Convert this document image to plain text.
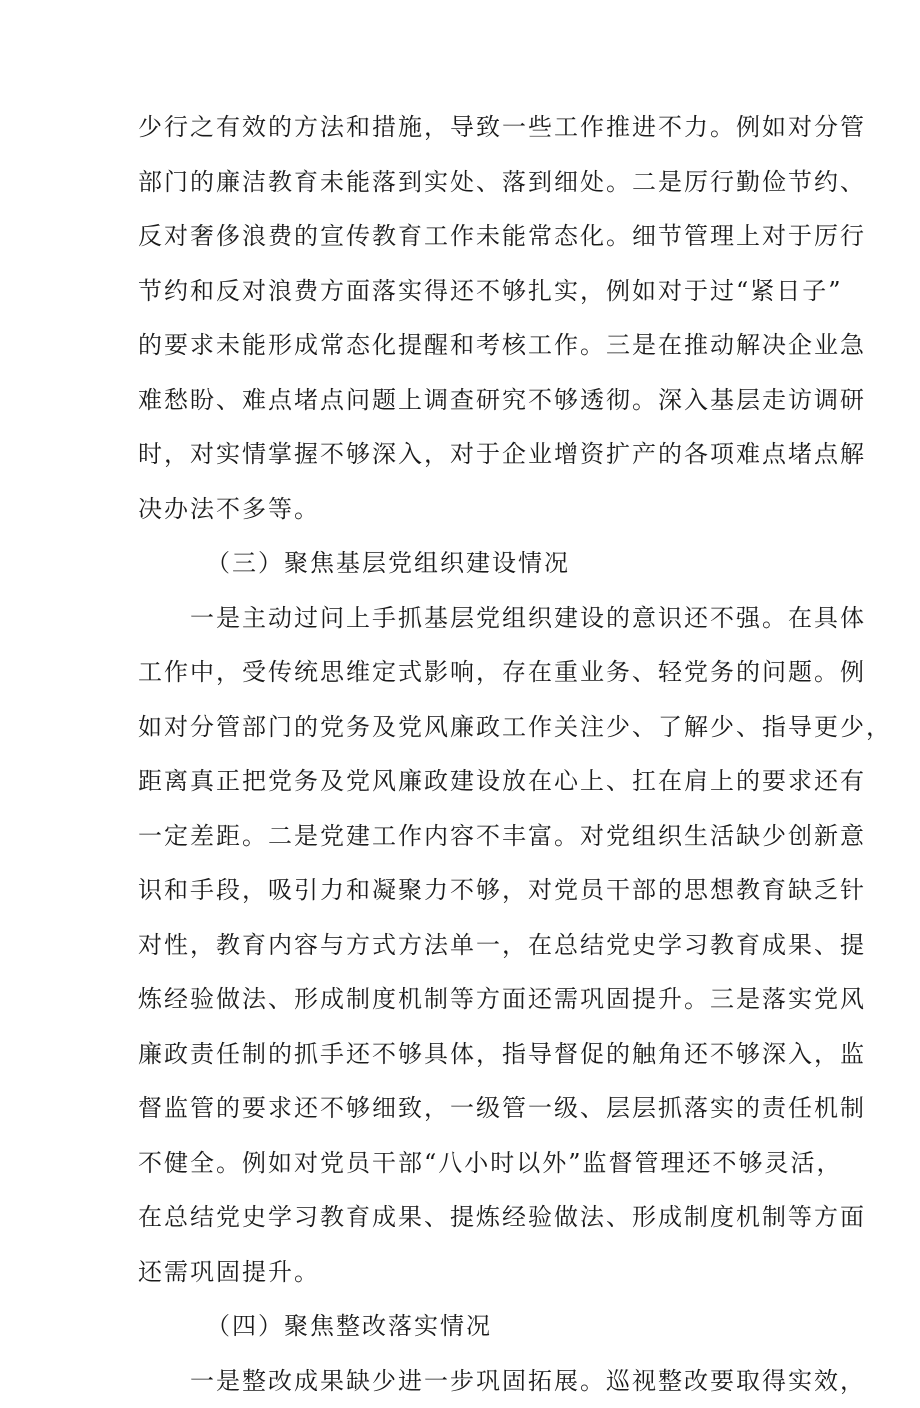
少行之有效的方法和措施，导致一些工作推进不力。例如对分管
部门的廉洁教育未能落到实处、落到细处。二是厉行勤俭节约、
反对奢侈浪费的宣传教育工作未能常态化。细节管理上对于厉行
节约和反对浪费方面落实得还不够扎实，例如对于过“紧日子”
的要求未能形成常态化提醒和考核工作。三是在推动解决企业急
难愁盼、难点堵点问题上调查研究不够透彻。深入基层走访调研
时，对实情掌握不够深入，对于企业增资扩产的各项难点堵点解
决办法不多等。
（三）聚焦基层党组织建设情况
一是主动过问上手抓基层党组织建设的意识还不强。在具体
工作中，受传统思维定式影响，存在重业务、轻党务的问题。例
如对分管部门的党务及党风廉政工作关注少、了解少、指导更少，
距离真正把党务及党风廉政建设放在心上、扛在肩上的要求还有
一定差距。二是党建工作内容不丰富。对党组织生活缺少创新意
识和手段，吸引力和凝聚力不够，对党员干部的思想教育缺乏针
对性，教育内容与方式方法单一，在总结党史学习教育成果、提
炼经验做法、形成制度机制等方面还需巩固提升。三是落实党风
廉政责任制的抓手还不够具体，指导督促的触角还不够深入，监
督监管的要求还不够细致，一级管一级、层层抓落实的责任机制
不健全。例如对党员干部“八小时以外”监督管理还不够灵活，
在总结党史学习教育成果、提炼经验做法、形成制度机制等方面
还需巩固提升。
（四）聚焦整改落实情况
一是整改成果缺少进一步巩固拓展。巡视整改要取得实效，
